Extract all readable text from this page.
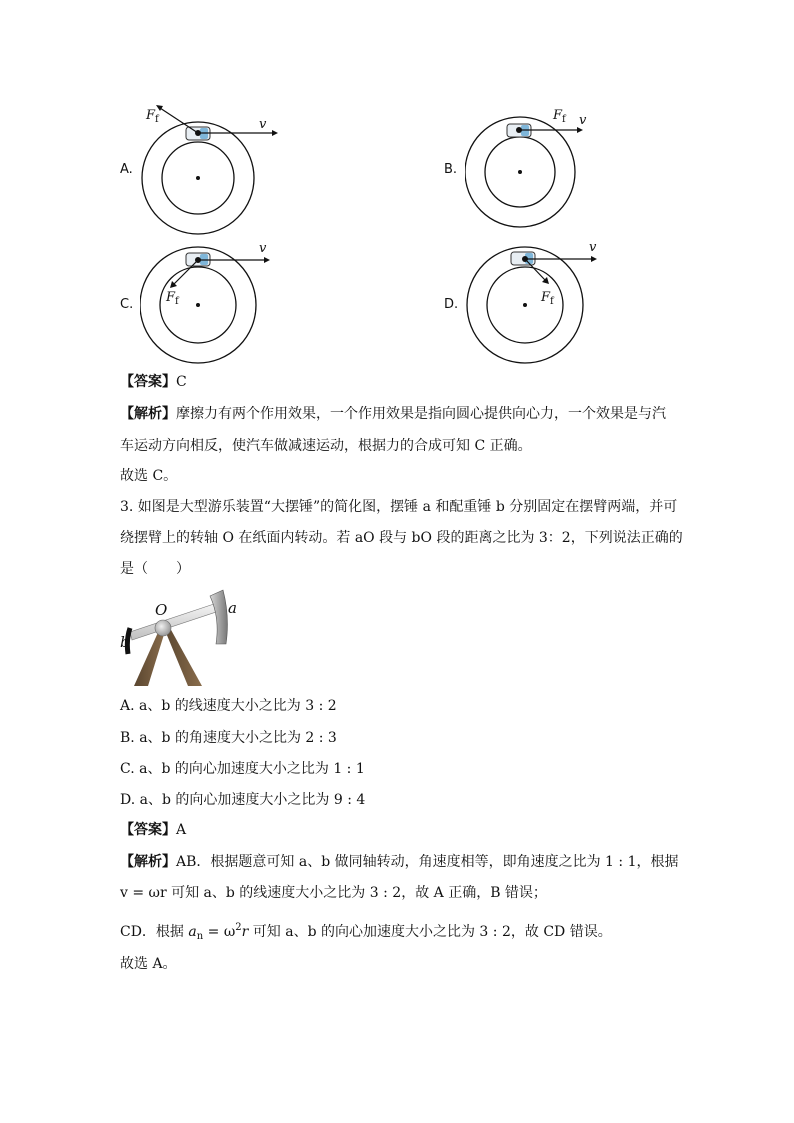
A.
$F_f$	v
B.
$F_f$ v
C.	$F_f$
v
D.	$F_f$
v
【答案】C
【解析】摩擦力有两个作用效果，一个作用效果是指向圆心提供向心力，一个效果是与汽
车运动方向相反，使汽车做减速运动，根据力的合成可知 C 正确。
故选 C。
3. 如图是大型游乐装置“大摆锤”的简化图，摆锤 a 和配重锤 b 分别固定在摆臂两端，并可
绕摆臂上的转轴 O 在纸面内转动。若 aO 段与 bO 段的距离之比为 3：2，下列说法正确的
是（　　）
O	a
b
A. a、b 的线速度大小之比为 3 : 2
B. a、b 的角速度大小之比为 2 : 3
C. a、b 的向心加速度大小之比为 1 : 1
D. a、b 的向心加速度大小之比为 9 : 4
【答案】A
【解析】AB．根据题意可知 a、b 做同轴转动，角速度相等，即角速度之比为 1 : 1，根据
v = ωr 可知 a、b 的线速度大小之比为 3 : 2，故 A 正确，B 错误；
CD．根据 $a_n = \omega^2r$ 可知 a、b 的向心加速度大小之比为 3 : 2，故 CD 错误。
故选 A。
